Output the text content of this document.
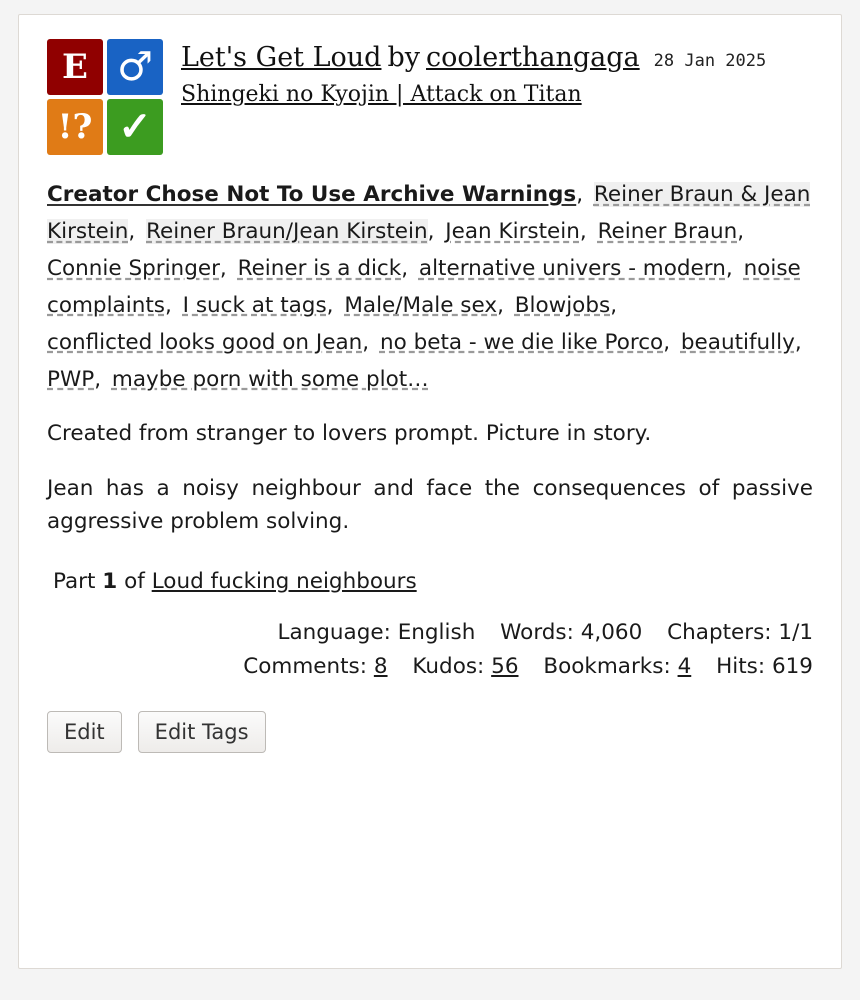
E ♂
!? ✓
Let's Get Loud by coolerthangaga 28 Jan 2025
Shingeki no Kyojin | Attack on Titan
Creator Chose Not To Use Archive Warnings, Reiner Braun & Jean Kirstein, Reiner Braun/Jean Kirstein, Jean Kirstein, Reiner Braun, Connie Springer, Reiner is a dick, alternative univers - modern, noise complaints, I suck at tags, Male/Male sex, Blowjobs, conflicted looks good on Jean, no beta - we die like Porco, beautifully, PWP, maybe porn with some plot…

Created from stranger to lovers prompt. Picture in story.

Jean has a noisy neighbour and face the consequences of passive aggressive problem solving.

Part 1 of Loud fucking neighbours
Language: English Words: 4,060 Chapters: 1/1
Comments: 8 Kudos: 56 Bookmarks: 4 Hits: 619
Edit	Edit Tags
